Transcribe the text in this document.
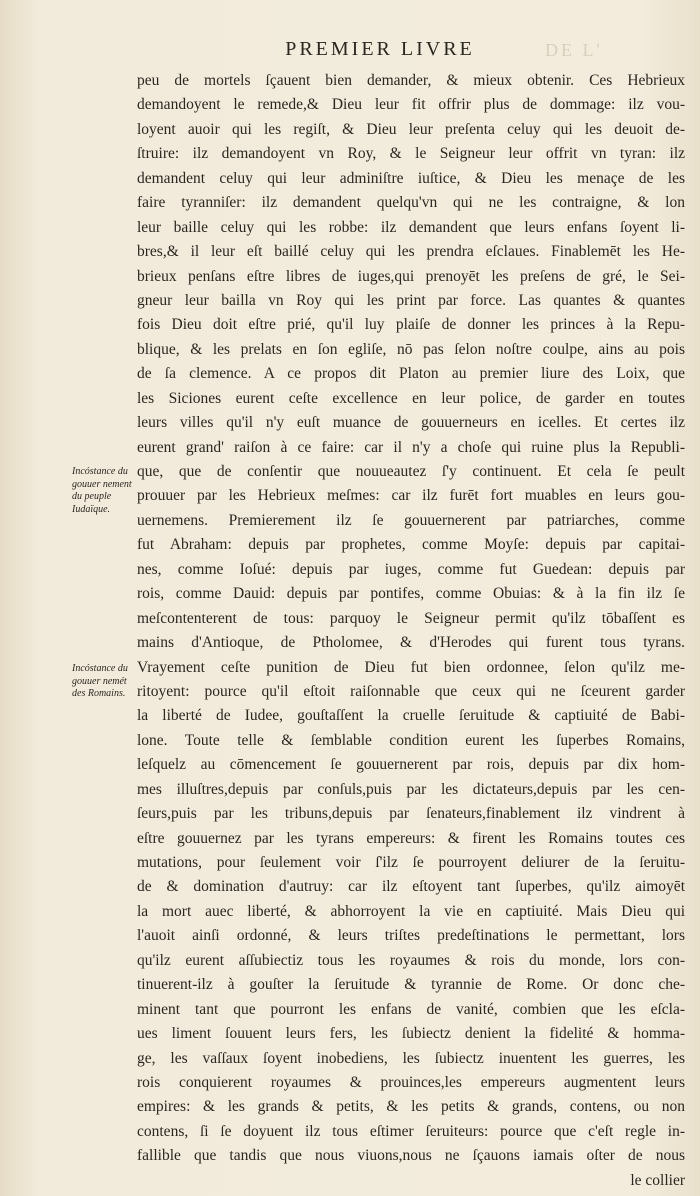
DE L'
PREMIER LIVRE
Incóstance du gouuer nement du peuple Iudaïque.
Incóstance du gouuer nemét des Romains.
peu de mortels ſçauent bien demander, & mieux obtenir. Ces Hebrieux
demandoyent le remede,& Dieu leur fit offrir plus de dommage: ilz vou-
loyent auoir qui les regiſt, & Dieu leur preſenta celuy qui les deuoit de-
ſtruire: ilz demandoyent vn Roy, & le Seigneur leur offrit vn tyran: ilz
demandent celuy qui leur adminiſtre iuſtice, & Dieu les menaçe de les
faire tyranniſer: ilz demandent quelqu'vn qui ne les contraigne, & lon
leur baille celuy qui les robbe: ilz demandent que leurs enfans ſoyent li-
bres,& il leur eſt baillé celuy qui les prendra eſclaues. Finablemēt les He-
brieux penſans eſtre libres de iuges,qui prenoyēt les preſens de gré, le Sei-
gneur leur bailla vn Roy qui les print par force. Las quantes & quantes
fois Dieu doit eſtre prié, qu'il luy plaiſe de donner les princes à la Repu-
blique, & les prelats en ſon egliſe, nō pas ſelon noſtre coulpe, ains au pois
de ſa clemence. A ce propos dit Platon au premier liure des Loix, que
les Siciones eurent ceſte excellence en leur police, de garder en toutes
leurs villes qu'il n'y euſt muance de gouuerneurs en icelles. Et certes ilz
eurent grand' raiſon à ce faire: car il n'y a choſe qui ruine plus la Republi-
que, que de conſentir que nouueautez ſ'y continuent. Et cela ſe peult
prouuer par les Hebrieux meſmes: car ilz furēt fort muables en leurs gou-
uernemens. Premierement ilz ſe gouuernerent par patriarches, comme
fut Abraham: depuis par prophetes, comme Moyſe: depuis par capitai-
nes, comme Ioſué: depuis par iuges, comme fut Guedean: depuis par
rois, comme Dauid: depuis par pontifes, comme Obuias: & à la fin ilz ſe
meſcontenterent de tous: parquoy le Seigneur permit qu'ilz tōbaſſent es
mains d'Antioque, de Ptholomee, & d'Herodes qui furent tous tyrans.
Vrayement ceſte punition de Dieu fut bien ordonnee, ſelon qu'ilz me-
ritoyent: pource qu'il eſtoit raiſonnable que ceux qui ne ſceurent garder
la liberté de Iudee, gouſtaſſent la cruelle ſeruitude & captiuité de Babi-
lone. Toute telle & ſemblable condition eurent les ſuperbes Romains,
leſquelz au cōmencement ſe gouuernerent par rois, depuis par dix hom-
mes illuſtres,depuis par conſuls,puis par les dictateurs,depuis par les cen-
ſeurs,puis par les tribuns,depuis par ſenateurs,finablement ilz vindrent à
eſtre gouuernez par les tyrans empereurs: & firent les Romains toutes ces
mutations, pour ſeulement voir ſ'ilz ſe pourroyent deliurer de la ſeruitu-
de & domination d'autruy: car ilz eſtoyent tant ſuperbes, qu'ilz aimoyēt
la mort auec liberté, & abhorroyent la vie en captiuité. Mais Dieu qui
l'auoit ainſi ordonné, & leurs triſtes predeſtinations le permettant, lors
qu'ilz eurent aſſubiectiz tous les royaumes & rois du monde, lors con-
tinuerent-ilz à gouſter la ſeruitude & tyrannie de Rome. Or donc che-
minent tant que pourront les enfans de vanité, combien que les eſcla-
ues liment ſouuent leurs fers, les ſubiectz denient la fidelité & homma-
ge, les vaſſaux ſoyent inobediens, les ſubiectz inuentent les guerres, les
rois conquierent royaumes & prouinces,les empereurs augmentent leurs
empires: & les grands & petits, & les petits & grands, contens, ou non
contens, ſi ſe doyuent ilz tous eſtimer ſeruiteurs: pource que c'eſt regle in-
fallible que tandis que nous viuons,nous ne ſçauons iamais oſter de nous
le collier
